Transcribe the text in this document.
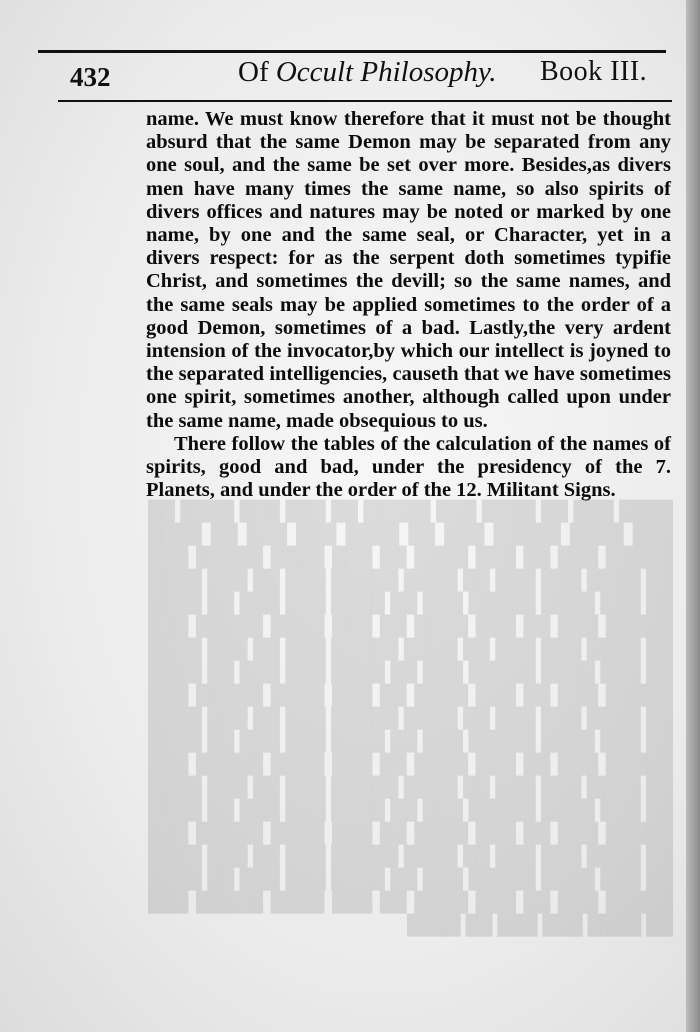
432	Of Occult Philosophy. Book III.

name. We must know therefore that it must not be thought absurd that the same Demon may be separated from any one soul, and the same be set over more. Besides,as divers men have many times the same name, so also spirits of divers offices and natures may be noted or marked by one name, by one and the same seal, or Character, yet in a divers respect: for as the serpent doth sometimes typifie Christ, and sometimes the devill; so the same names, and the same seals may be applied sometimes to the order of a good Demon, sometimes of a bad. Lastly,the very ardent intension of the invocator,by which our intellect is joyned to the separated intelligencies, causeth that we have sometimes one spirit, sometimes another, although called upon under the same name, made obsequious to us.

There follow the tables of the calculation of the names of spirits, good and bad, under the presidency of the 7. Planets, and under the order of the 12. Militant Signs.

████ ███ ██ ████ ███ █████ ██ ███ ███ ████ ██ ███ ████ █████ ███ ██ ████ ███ ███ ██ ████ █████ ███ ██ ███ ████ ██ ███ ████ █████ ███ ██ ████ ███ ███ ██ ████ █████ ███ ██ ███ ████ ██ ███ ████ █████ ███ ██ ████ ███ ███ ██ ████ █████ ███ ██ ███ ████ ██ ███ ████ █████ ███ ██ ████ ███ ███ ██ ████ █████ ███ ██ ███ ████ ██ ███ ████ █████ ███ ██ ████ ███ ███ ██ ████ █████ ███ ██ ███ ████ ██ ███ ████ █████ ███ ██ ████ ███ ███ ██ ████ █████ ███ ██ ███ ████ ██ ███ ████ █████ ███ ██ ████ ███ ███ ██ ████ █████ ███ ██ ███ ████ ██ ███ ████ █████ ███ ██ ████ ███ ███ ██ ████ █████ ███ ██ ███ ████ ██ ███ ████ █████ ███ ██ ████ ███ ███ ██ ████ █████ ███ ██ ███ ████ ██ ███ ████ █████ ███ ██ ████ ███ ███ ██ ████ █████ ███ ██ ███ ████ ██ ███ ████ █████ ███ ██ ████ ███ ███ ██ ████ █████ ███ ██ ███ ████ ██ ███ ████ █████ ███ ██ ████ ███ ███ ██ ████
